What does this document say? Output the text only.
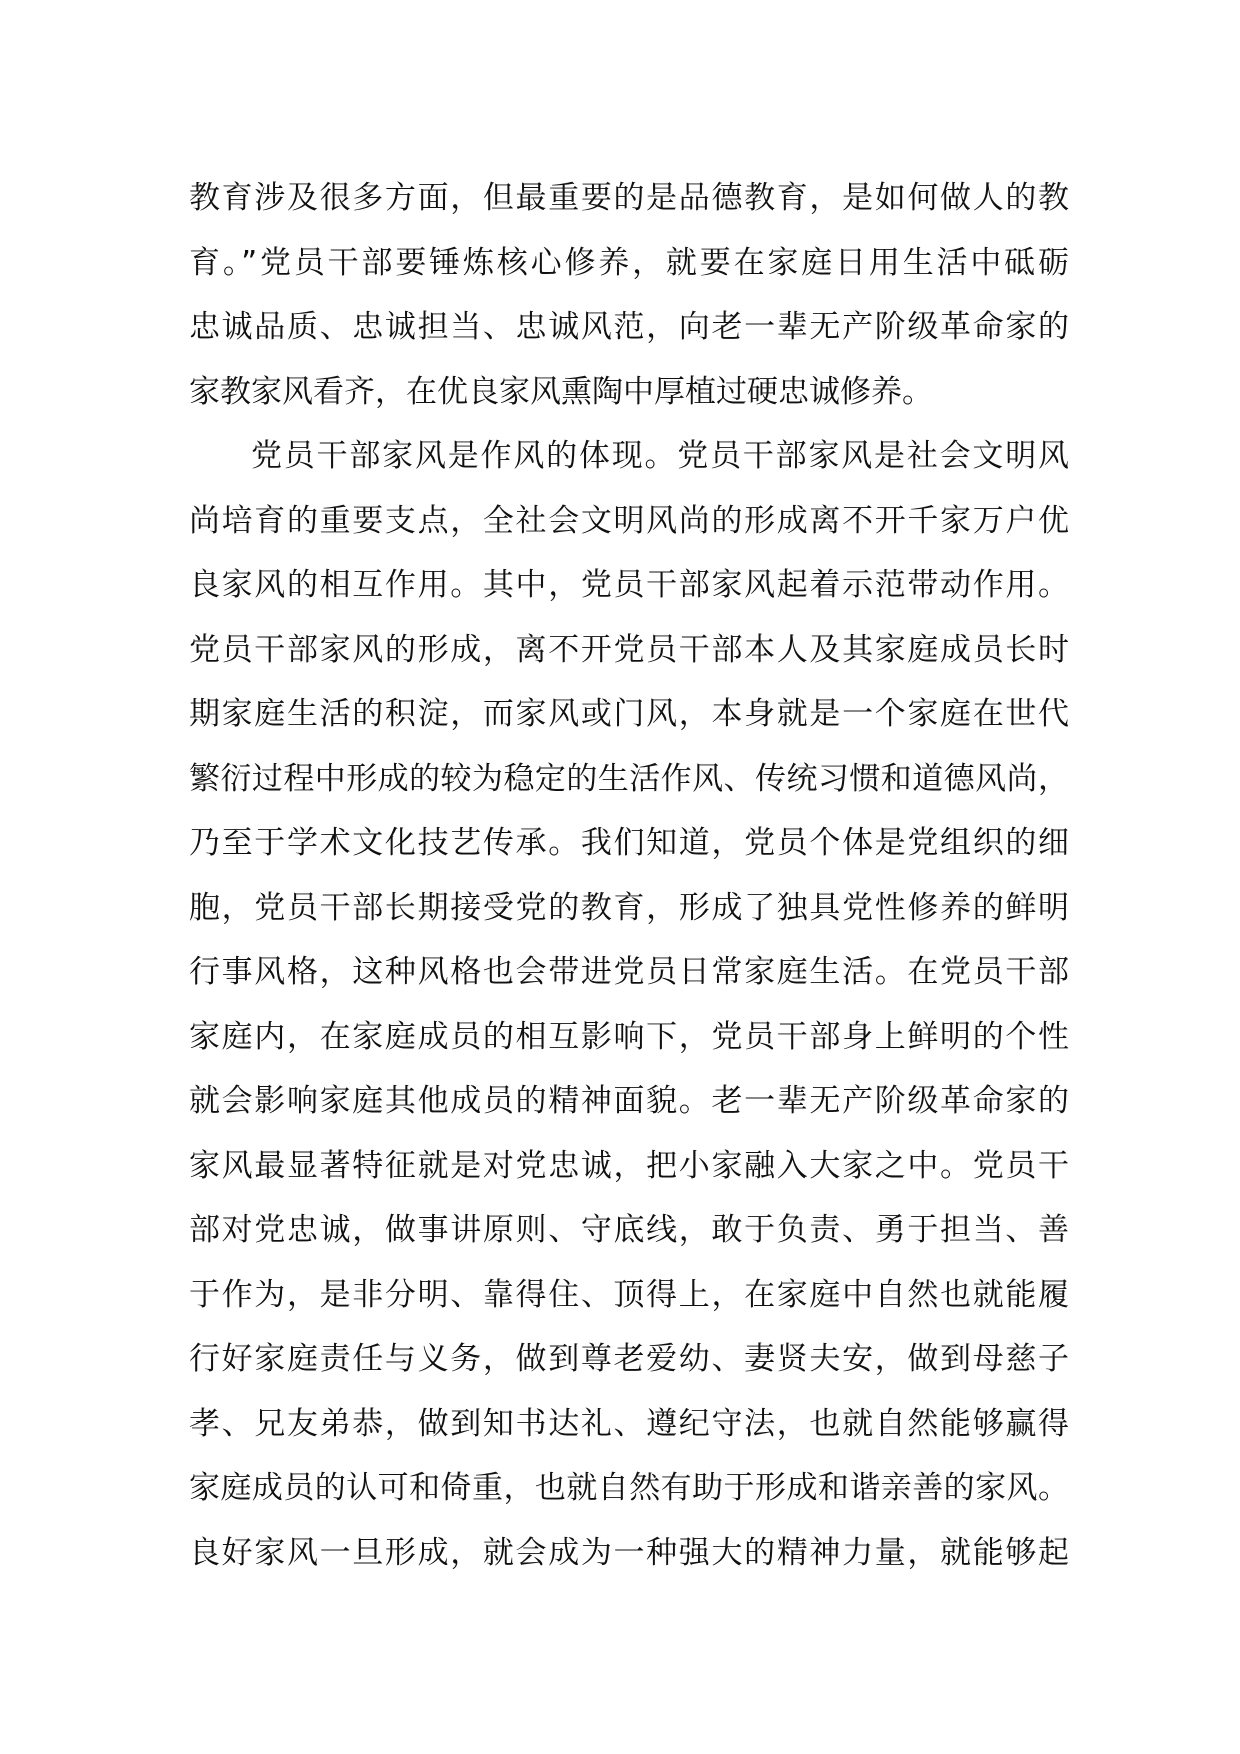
教育涉及很多方面，但最重要的是品德教育，是如何做人的教
育。”党员干部要锤炼核心修养，就要在家庭日用生活中砥砺
忠诚品质、忠诚担当、忠诚风范，向老一辈无产阶级革命家的
家教家风看齐，在优良家风熏陶中厚植过硬忠诚修养。
党员干部家风是作风的体现。党员干部家风是社会文明风
尚培育的重要支点，全社会文明风尚的形成离不开千家万户优
良家风的相互作用。其中，党员干部家风起着示范带动作用。
党员干部家风的形成，离不开党员干部本人及其家庭成员长时
期家庭生活的积淀，而家风或门风，本身就是一个家庭在世代
繁衍过程中形成的较为稳定的生活作风、传统习惯和道德风尚，
乃至于学术文化技艺传承。我们知道，党员个体是党组织的细
胞，党员干部长期接受党的教育，形成了独具党性修养的鲜明
行事风格，这种风格也会带进党员日常家庭生活。在党员干部
家庭内，在家庭成员的相互影响下，党员干部身上鲜明的个性
就会影响家庭其他成员的精神面貌。老一辈无产阶级革命家的
家风最显著特征就是对党忠诚，把小家融入大家之中。党员干
部对党忠诚，做事讲原则、守底线，敢于负责、勇于担当、善
于作为，是非分明、靠得住、顶得上，在家庭中自然也就能履
行好家庭责任与义务，做到尊老爱幼、妻贤夫安，做到母慈子
孝、兄友弟恭，做到知书达礼、遵纪守法，也就自然能够赢得
家庭成员的认可和倚重，也就自然有助于形成和谐亲善的家风。
良好家风一旦形成，就会成为一种强大的精神力量，就能够起
